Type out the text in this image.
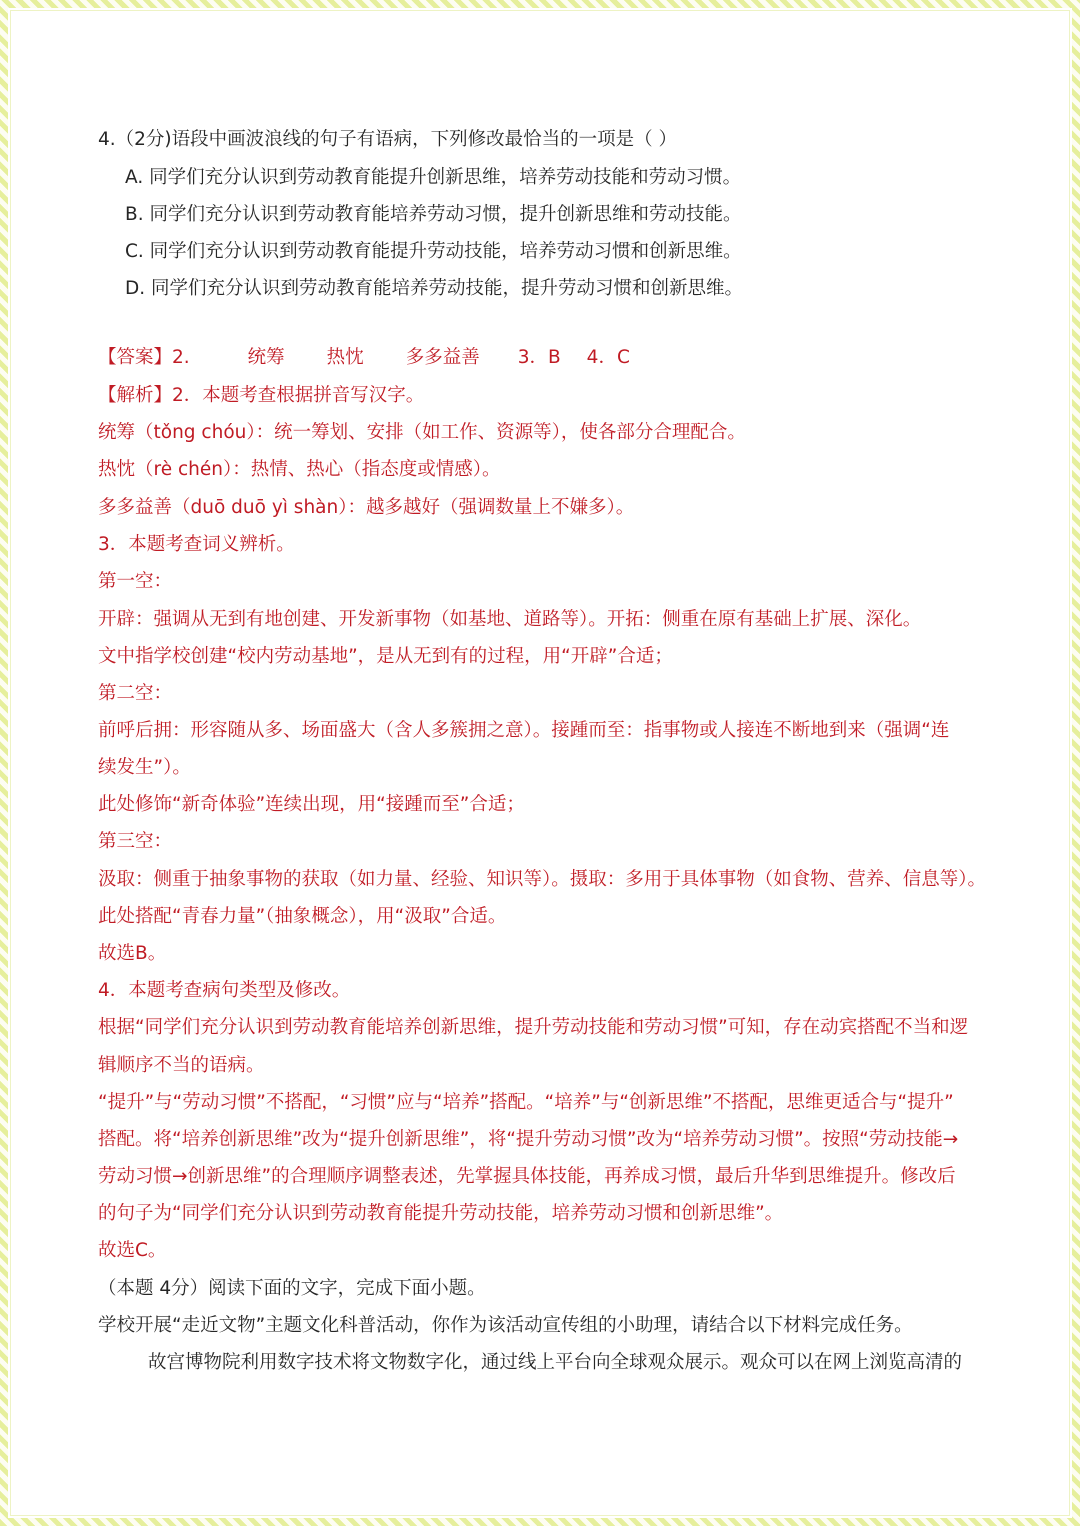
4.（2分)语段中画波浪线的句子有语病，下列修改最恰当的一项是（ ）
A. 同学们充分认识到劳动教育能提升创新思维，培养劳动技能和劳动习惯。
B. 同学们充分认识到劳动教育能培养劳动习惯，提升创新思维和劳动技能。
C. 同学们充分认识到劳动教育能提升劳动技能，培养劳动习惯和创新思维。
D. 同学们充分认识到劳动教育能培养劳动技能，提升劳动习惯和创新思维。
【答案】2.	统筹 热忱 多多益善 3．B 4．C
【解析】2．本题考查根据拼音写汉字。
统筹（tǒng chóu）：统一筹划、安排（如工作、资源等），使各部分合理配合。
热忱（rè chén）：热情、热心（指态度或情感）。
多多益善（duō duō yì shàn）：越多越好（强调数量上不嫌多）。
3．本题考查词义辨析。
第一空：
开辟：强调从无到有地创建、开发新事物（如基地、道路等）。开拓：侧重在原有基础上扩展、深化。
文中指学校创建“校内劳动基地”，是从无到有的过程，用“开辟”合适；
第二空：
前呼后拥：形容随从多、场面盛大（含人多簇拥之意）。接踵而至：指事物或人接连不断地到来（强调“连
续发生”）。
此处修饰“新奇体验”连续出现，用“接踵而至”合适；
第三空：
汲取：侧重于抽象事物的获取（如力量、经验、知识等）。摄取：多用于具体事物（如食物、营养、信息等）。
此处搭配“青春力量”（抽象概念），用“汲取”合适。
故选B。
4．本题考查病句类型及修改。
根据“同学们充分认识到劳动教育能培养创新思维，提升劳动技能和劳动习惯”可知，存在动宾搭配不当和逻
辑顺序不当的语病。
“提升”与“劳动习惯”不搭配，“习惯”应与“培养”搭配。“培养”与“创新思维”不搭配，思维更适合与“提升”
搭配。将“培养创新思维”改为“提升创新思维”，将“提升劳动习惯”改为“培养劳动习惯”。按照“劳动技能→
劳动习惯→创新思维”的合理顺序调整表述，先掌握具体技能，再养成习惯，最后升华到思维提升。修改后
的句子为“同学们充分认识到劳动教育能提升劳动技能，培养劳动习惯和创新思维”。
故选C。
（本题 4分）阅读下面的文字，完成下面小题。
学校开展“走近文物”主题文化科普活动，你作为该活动宣传组的小助理，请结合以下材料完成任务。
故宫博物院利用数字技术将文物数字化，通过线上平台向全球观众展示。观众可以在网上浏览高清的
